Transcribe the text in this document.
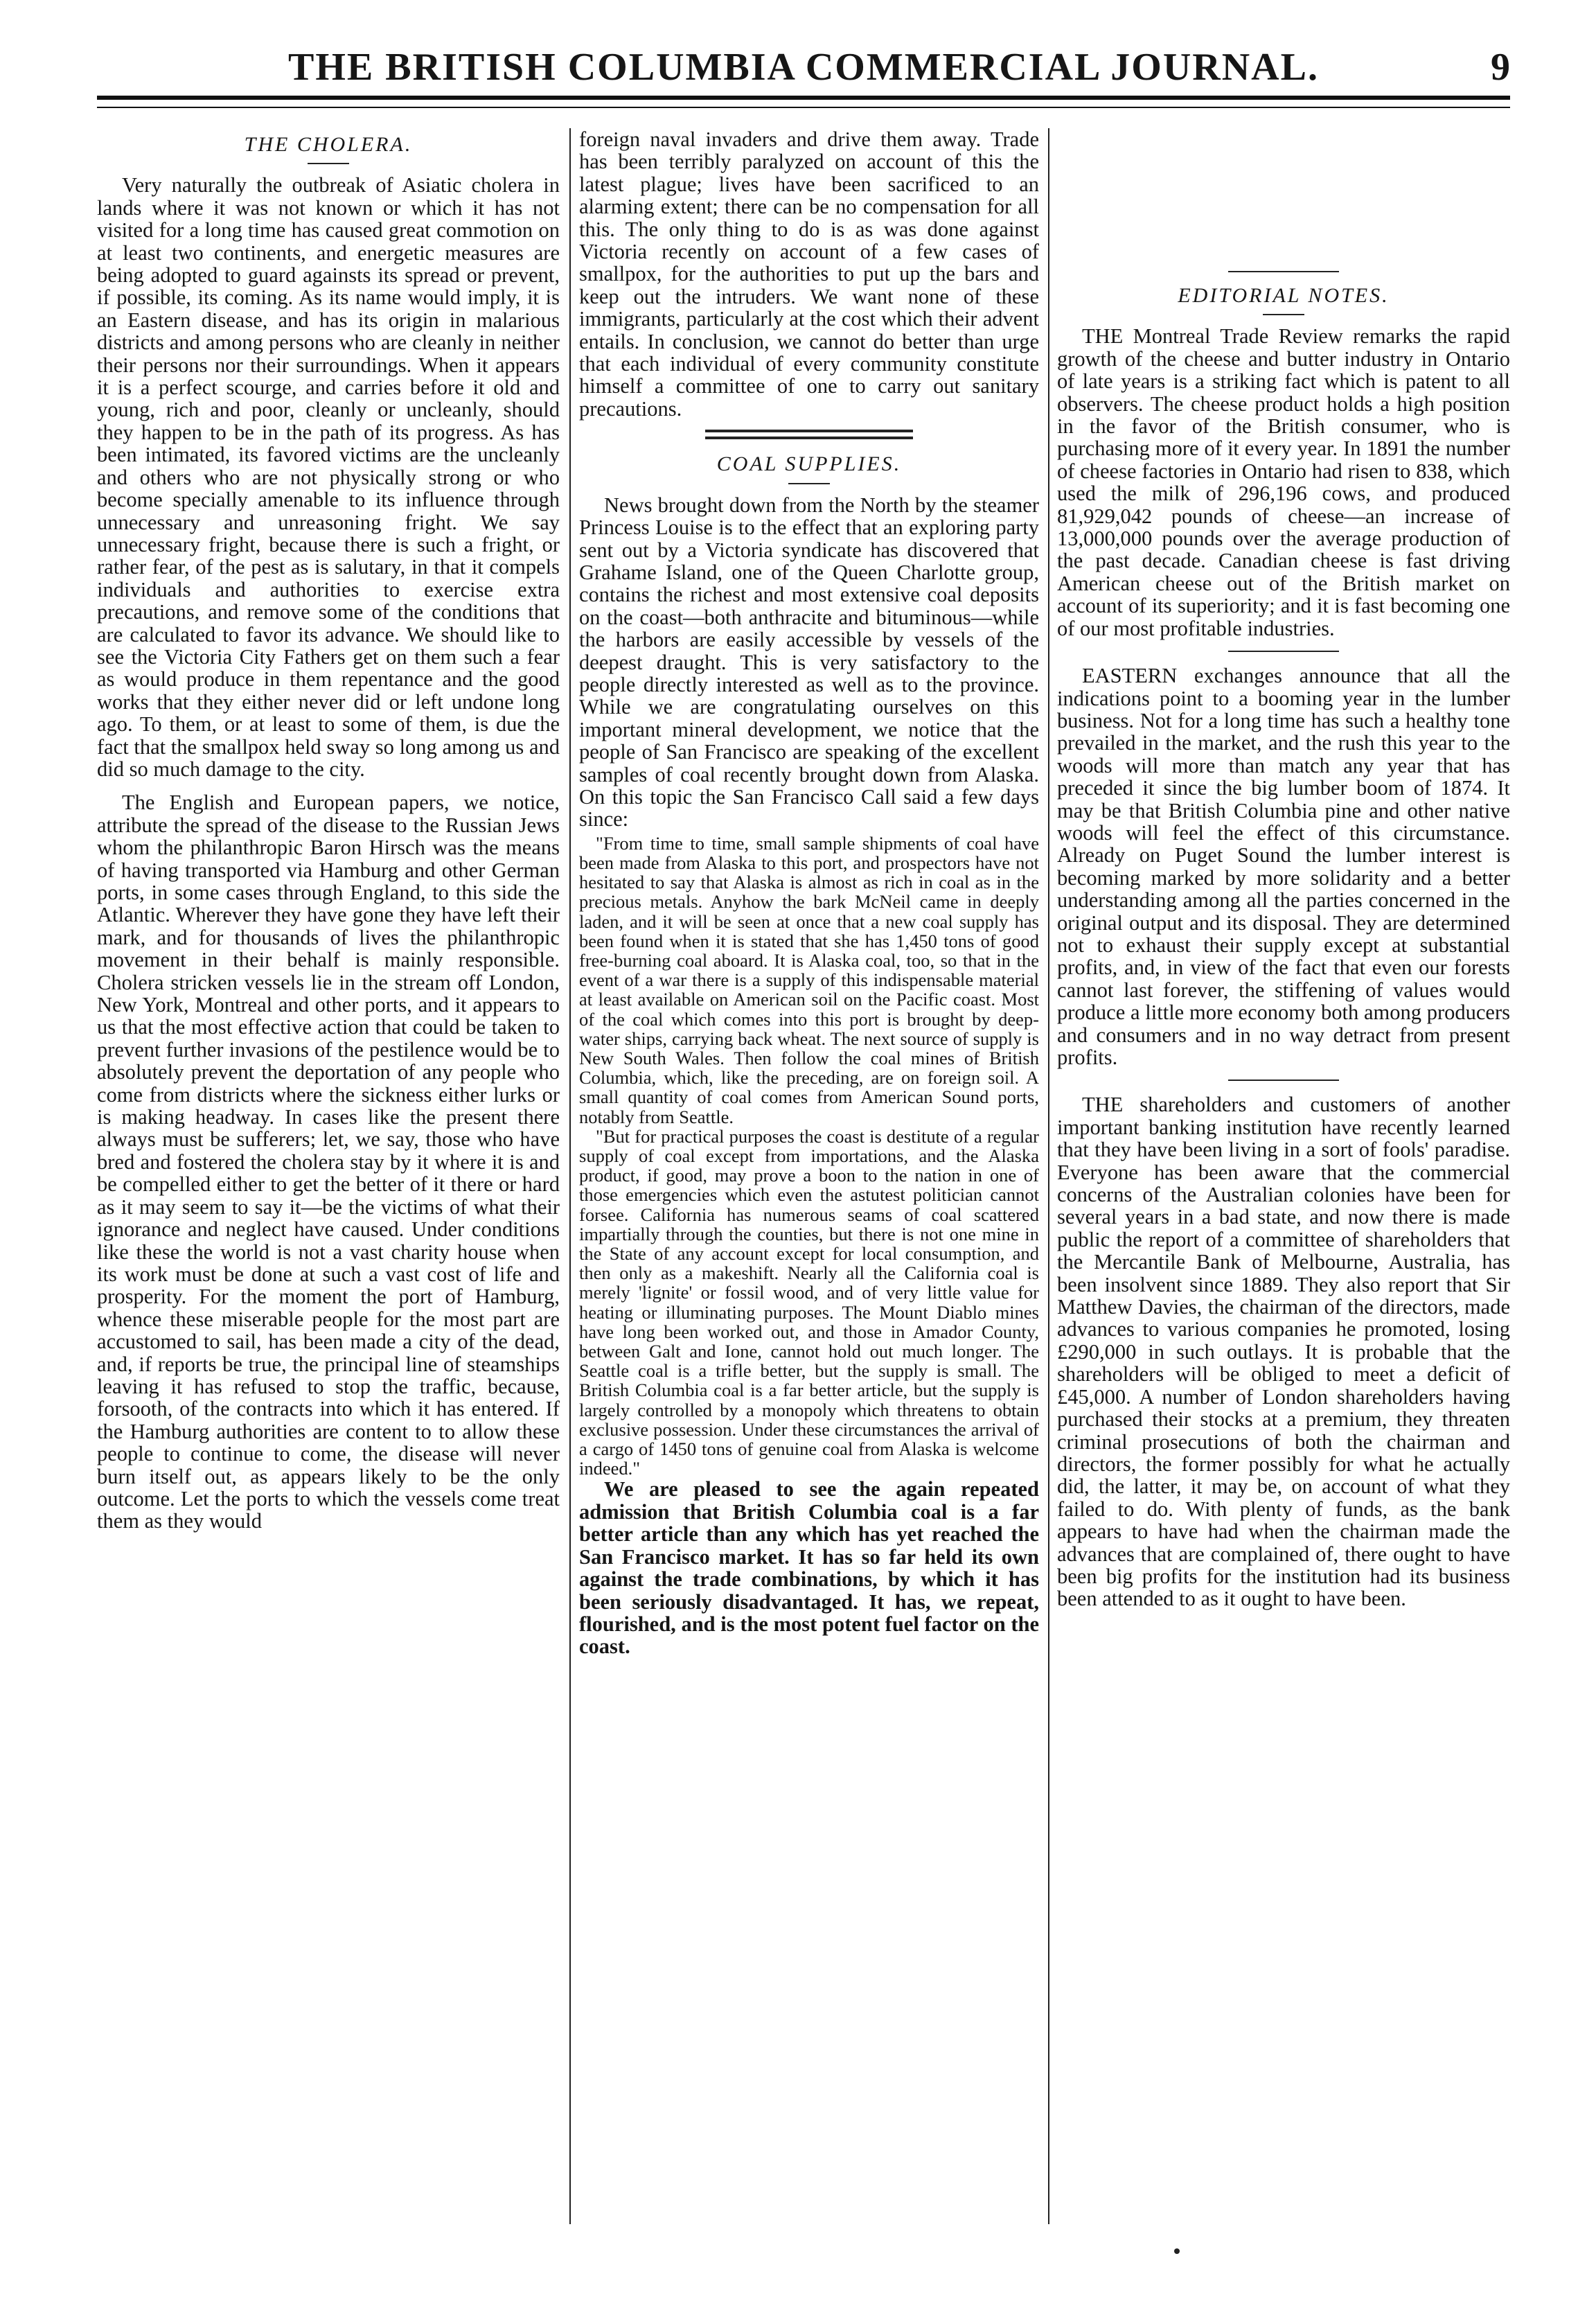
THE BRITISH COLUMBIA COMMERCIAL JOURNAL.	9
THE CHOLERA.

Very naturally the outbreak of Asiatic cholera in lands where it was not known or which it has not visited for a long time has caused great commotion on at least two continents, and energetic measures are being adopted to guard againsts its spread or prevent, if possible, its coming. As its name would imply, it is an Eastern disease, and has its origin in malarious districts and among persons who are cleanly in neither their persons nor their surroundings. When it appears it is a perfect scourge, and carries before it old and young, rich and poor, cleanly or uncleanly, should they happen to be in the path of its progress. As has been intimated, its favored victims are the uncleanly and others who are not physically strong or who become specially amenable to its influence through unnecessary and unreasoning fright. We say unnecessary fright, because there is such a fright, or rather fear, of the pest as is salutary, in that it compels individuals and authorities to exercise extra precautions, and remove some of the conditions that are calculated to favor its advance. We should like to see the Victoria City Fathers get on them such a fear as would produce in them repentance and the good works that they either never did or left undone long ago. To them, or at least to some of them, is due the fact that the smallpox held sway so long among us and did so much damage to the city.

The English and European papers, we notice, attribute the spread of the disease to the Russian Jews whom the philanthropic Baron Hirsch was the means of having transported via Hamburg and other German ports, in some cases through England, to this side the Atlantic. Wherever they have gone they have left their mark, and for thousands of lives the philanthropic movement in their behalf is mainly responsible. Cholera stricken vessels lie in the stream off London, New York, Montreal and other ports, and it appears to us that the most effective action that could be taken to prevent further invasions of the pestilence would be to absolutely prevent the deportation of any people who come from districts where the sickness either lurks or is making headway. In cases like the present there always must be sufferers; let, we say, those who have bred and fostered the cholera stay by it where it is and be compelled either to get the better of it there or hard as it may seem to say it—be the victims of what their ignorance and neglect have caused. Under conditions like these the world is not a vast charity house when its work must be done at such a vast cost of life and prosperity. For the moment the port of Hamburg, whence these miserable people for the most part are accustomed to sail, has been made a city of the dead, and, if reports be true, the principal line of steamships leaving it has refused to stop the traffic, because, forsooth, of the contracts into which it has entered. If the Hamburg authorities are content to to allow these people to continue to come, the disease will never burn itself out, as appears likely to be the only outcome. Let the ports to which the vessels come treat them as they would

foreign naval invaders and drive them away. Trade has been terribly paralyzed on account of this the latest plague; lives have been sacrificed to an alarming extent; there can be no compensation for all this. The only thing to do is as was done against Victoria recently on account of a few cases of smallpox, for the authorities to put up the bars and keep out the intruders. We want none of these immigrants, particularly at the cost which their advent entails. In conclusion, we cannot do better than urge that each individual of every community constitute himself a committee of one to carry out sanitary precautions.

COAL SUPPLIES.

News brought down from the North by the steamer Princess Louise is to the effect that an exploring party sent out by a Victoria syndicate has discovered that Grahame Island, one of the Queen Charlotte group, contains the richest and most extensive coal deposits on the coast—both anthracite and bituminous—while the harbors are easily accessible by vessels of the deepest draught. This is very satisfactory to the people directly interested as well as to the province. While we are congratulating ourselves on this important mineral development, we notice that the people of San Francisco are speaking of the excellent samples of coal recently brought down from Alaska. On this topic the San Francisco Call said a few days since:

"From time to time, small sample shipments of coal have been made from Alaska to this port, and prospectors have not hesitated to say that Alaska is almost as rich in coal as in the precious metals. Anyhow the bark McNeil came in deeply laden, and it will be seen at once that a new coal supply has been found when it is stated that she has 1,450 tons of good free-burning coal aboard. It is Alaska coal, too, so that in the event of a war there is a supply of this indispensable material at least available on American soil on the Pacific coast. Most of the coal which comes into this port is brought by deep-water ships, carrying back wheat. The next source of supply is New South Wales. Then follow the coal mines of British Columbia, which, like the preceding, are on foreign soil. A small quantity of coal comes from American Sound ports, notably from Seattle.

"But for practical purposes the coast is destitute of a regular supply of coal except from importations, and the Alaska product, if good, may prove a boon to the nation in one of those emergencies which even the astutest politician cannot forsee. California has numerous seams of coal scattered impartially through the counties, but there is not one mine in the State of any account except for local consumption, and then only as a makeshift. Nearly all the California coal is merely 'lignite' or fossil wood, and of very little value for heating or illuminating purposes. The Mount Diablo mines have long been worked out, and those in Amador County, between Galt and Ione, cannot hold out much longer. The Seattle coal is a trifle better, but the supply is small. The British Columbia coal is a far better article, but the supply is largely controlled by a monopoly which threatens to obtain exclusive possession. Under these circumstances the arrival of a cargo of 1450 tons of genuine coal from Alaska is welcome indeed."

We are pleased to see the again repeated admission that British Columbia coal is a far better article than any which has yet reached the San Francisco market. It has so far held its own against the trade combinations, by which it has been seriously disadvantaged. It has, we repeat, flourished, and is the most potent fuel factor on the coast.

EDITORIAL NOTES.

THE Montreal Trade Review remarks the rapid growth of the cheese and butter industry in Ontario of late years is a striking fact which is patent to all observers. The cheese product holds a high position in the favor of the British consumer, who is purchasing more of it every year. In 1891 the number of cheese factories in Ontario had risen to 838, which used the milk of 296,196 cows, and produced 81,929,042 pounds of cheese—an increase of 13,000,000 pounds over the average production of the past decade. Canadian cheese is fast driving American cheese out of the British market on account of its superiority; and it is fast becoming one of our most profitable industries.

EASTERN exchanges announce that all the indications point to a booming year in the lumber business. Not for a long time has such a healthy tone prevailed in the market, and the rush this year to the woods will more than match any year that has preceded it since the big lumber boom of 1874. It may be that British Columbia pine and other native woods will feel the effect of this circumstance. Already on Puget Sound the lumber interest is becoming marked by more solidarity and a better understanding among all the parties concerned in the original output and its disposal. They are determined not to exhaust their supply except at substantial profits, and, in view of the fact that even our forests cannot last forever, the stiffening of values would produce a little more economy both among producers and consumers and in no way detract from present profits.

THE shareholders and customers of another important banking institution have recently learned that they have been living in a sort of fools' paradise. Everyone has been aware that the commercial concerns of the Australian colonies have been for several years in a bad state, and now there is made public the report of a committee of shareholders that the Mercantile Bank of Melbourne, Australia, has been insolvent since 1889. They also report that Sir Matthew Davies, the chairman of the directors, made advances to various companies he promoted, losing £290,000 in such outlays. It is probable that the shareholders will be obliged to meet a deficit of £45,000. A number of London shareholders having purchased their stocks at a premium, they threaten criminal prosecutions of both the chairman and directors, the former possibly for what he actually did, the latter, it may be, on account of what they failed to do. With plenty of funds, as the bank appears to have had when the chairman made the advances that are complained of, there ought to have been big profits for the institution had its business been attended to as it ought to have been.
